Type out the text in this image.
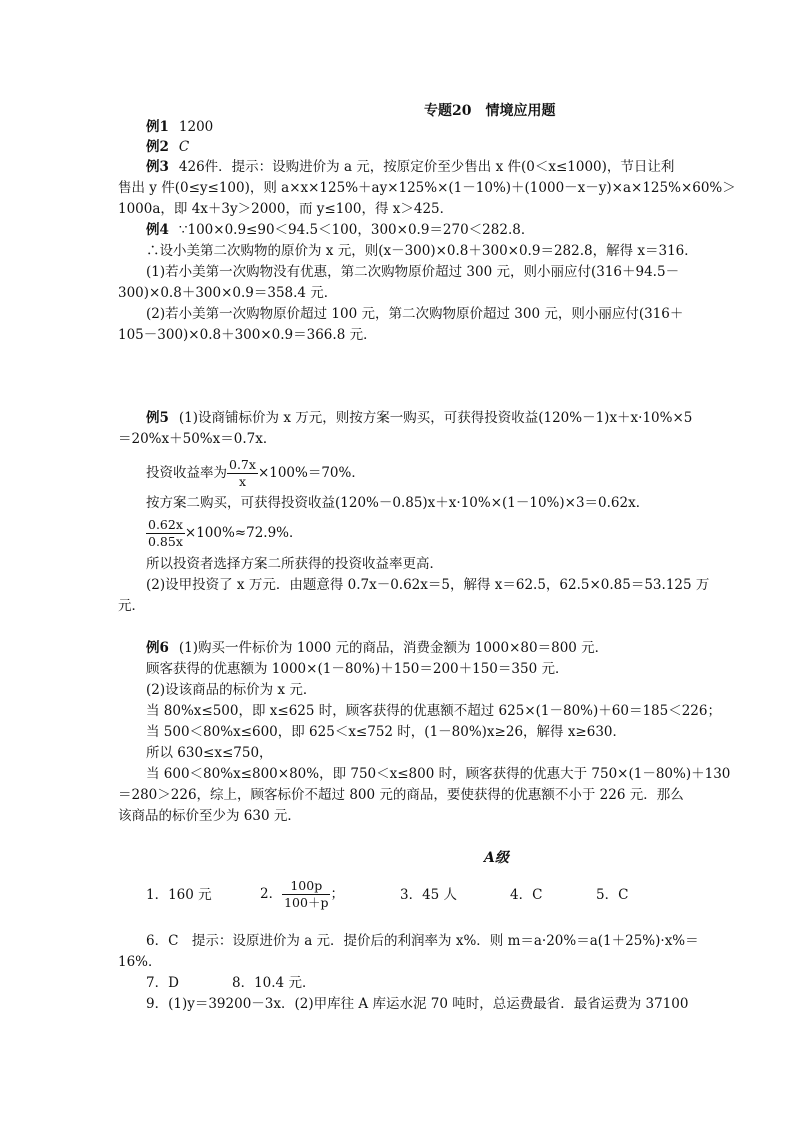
专题20　情境应用题
例1 1200
例2 C
例3 426件．提示：设购进价为 a 元，按原定价至少售出 x 件(0＜x≤1000)，节日让利
售出 y 件(0≤y≤100)，则 a×x×125%＋ay×125%×(1－10%)＋(1000－x－y)×a×125%×60%＞
1000a，即 4x＋3y＞2000，而 y≤100，得 x＞425．
例4 ∵100×0.9≤90＜94.5＜100，300×0.9＝270＜282.8．
∴设小美第二次购物的原价为 x 元，则(x－300)×0.8＋300×0.9＝282.8，解得 x＝316．
(1)若小美第一次购物没有优惠，第二次购物原价超过 300 元，则小丽应付(316＋94.5－
300)×0.8＋300×0.9＝358.4 元．
(2)若小美第一次购物原价超过 100 元，第二次购物原价超过 300 元，则小丽应付(316＋
105－300)×0.8＋300×0.9＝366.8 元．
例5 (1)设商铺标价为 x 万元，则按方案一购买，可获得投资收益(120%－1)x＋x·10%×5
＝20%x＋50%x＝0.7x．
投资收益率为 $\frac{0.7x}{x} \times 100\%=70\%$．
按方案二购买，可获得投资收益(120%－0.85)x＋x·10%×(1－10%)×3＝0.62x．
$\frac{0.62x}{0.85x} \times 100\%\approx 72.9\%$．
所以投资者选择方案二所获得的投资收益率更高．
(2)设甲投资了 x 万元．由题意得 0.7x－0.62x＝5，解得 x＝62.5，62.5×0.85＝53.125 万
元．
例6 (1)购买一件标价为 1000 元的商品，消费金额为 1000×80＝800 元．
顾客获得的优惠额为 1000×(1－80%)＋150＝200＋150＝350 元．
(2)设该商品的标价为 x 元．
当 80%x≤500，即 x≤625 时，顾客获得的优惠额不超过 625×(1－80%)＋60＝185＜226；
当 500＜80%x≤600，即 625＜x≤752 时，(1－80%)x≥26，解得 x≥630．
所以 630≤x≤750，
当 600＜80%x≤800×80%，即 750＜x≤800 时，顾客获得的优惠大于 750×(1－80%)＋130
＝280＞226，综上，顾客标价不超过 800 元的商品，要使获得的优惠额不小于 226 元．那么
该商品的标价至少为 630 元．
A级
1．160 元	2． $\frac{100p}{100+p}$ ；	3．45 人	4．C	5．C
6．C　提示：设原进价为 a 元．提价后的利润率为 x%．则 m＝a·20%＝a(1＋25%)·x%＝
16%．
7．D	8．10.4 元．
9．(1)y＝39200－3x．(2)甲库往 A 库运水泥 70 吨时，总运费最省．最省运费为 37100
